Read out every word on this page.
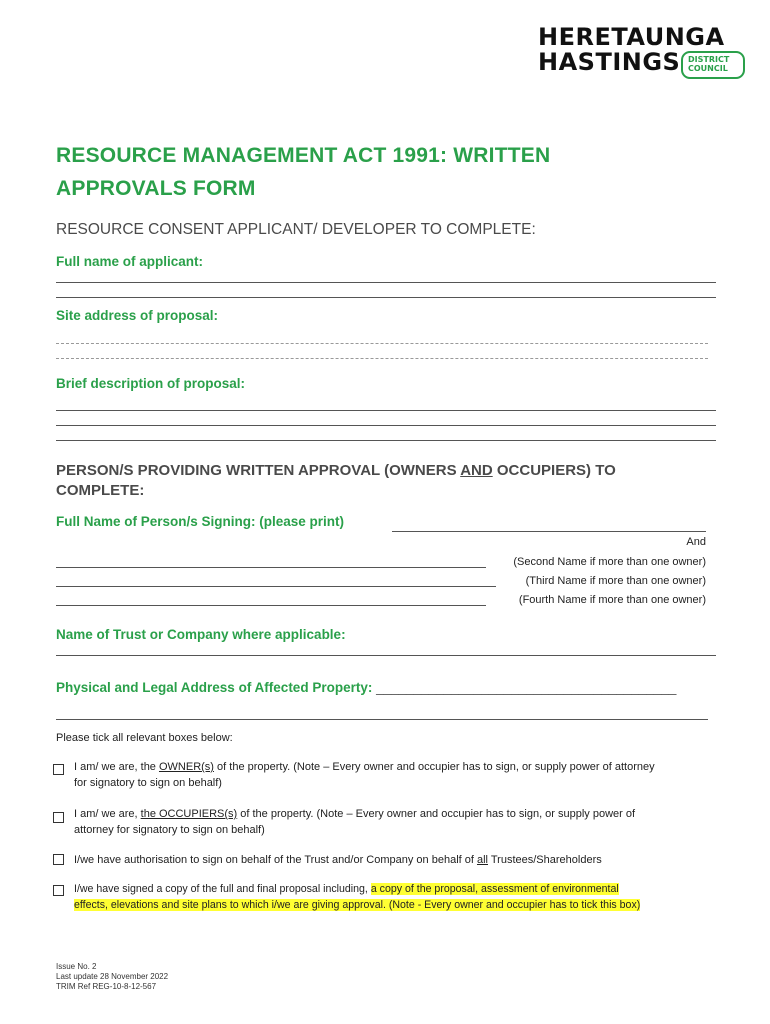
HERETAUNGA
HASTINGS DISTRICT
COUNCIL
RESOURCE MANAGEMENT ACT 1991: WRITTEN
APPROVALS FORM
RESOURCE CONSENT APPLICANT/ DEVELOPER TO COMPLETE:
Full name of applicant:
Site address of proposal:
Brief description of proposal:
PERSON/S PROVIDING WRITTEN APPROVAL (OWNERS AND OCCUPIERS) TO
COMPLETE:
Full Name of Person/s Signing: (please print)
And
(Second Name if more than one owner)
(Third Name if more than one owner)
(Fourth Name if more than one owner)
Name of Trust or Company where applicable:
Physical and Legal Address of Affected Property: ________________________________________
Please tick all relevant boxes below:
I am/ we are, the OWNER(s) of the property. (Note – Every owner and occupier has to sign, or supply power of attorney
for signatory to sign on behalf)
I am/ we are, the OCCUPIERS(s) of the property. (Note – Every owner and occupier has to sign, or supply power of
attorney for signatory to sign on behalf)
I/we have authorisation to sign on behalf of the Trust and/or Company on behalf of all Trustees/Shareholders
I/we have signed a copy of the full and final proposal including, a copy of the proposal, assessment of environmental
effects, elevations and site plans to which i/we are giving approval. (Note - Every owner and occupier has to tick this box)
Issue No. 2
Last update 28 November 2022
TRIM Ref REG-10-8-12-567
